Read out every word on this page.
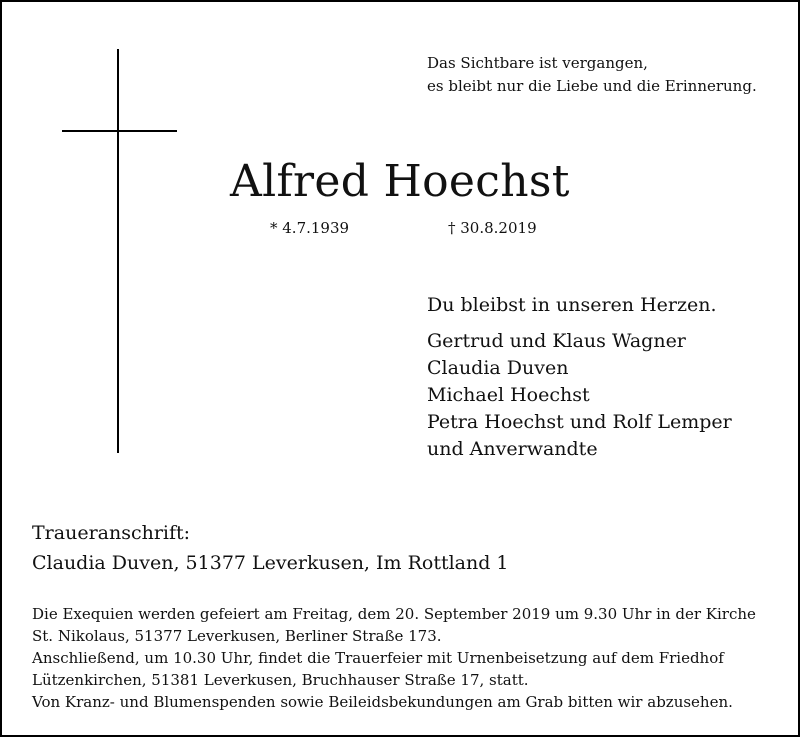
Das Sichtbare ist vergangen,
es bleibt nur die Liebe und die Erinnerung.
Alfred Hoechst
* 4.7.1939	† 30.8.2019
Du bleibst in unseren Herzen.
Gertrud und Klaus Wagner
Claudia Duven
Michael Hoechst
Petra Hoechst und Rolf Lemper
und Anverwandte
Traueranschrift:
Claudia Duven, 51377 Leverkusen, Im Rottland 1
Die Exequien werden gefeiert am Freitag, dem 20. September 2019 um 9.30 Uhr in der Kirche
St. Nikolaus, 51377 Leverkusen, Berliner Straße 173.
Anschließend, um 10.30 Uhr, findet die Trauerfeier mit Urnenbeisetzung auf dem Friedhof
Lützenkirchen, 51381 Leverkusen, Bruchhauser Straße 17, statt.
Von Kranz- und Blumenspenden sowie Beileidsbekundungen am Grab bitten wir abzusehen.
